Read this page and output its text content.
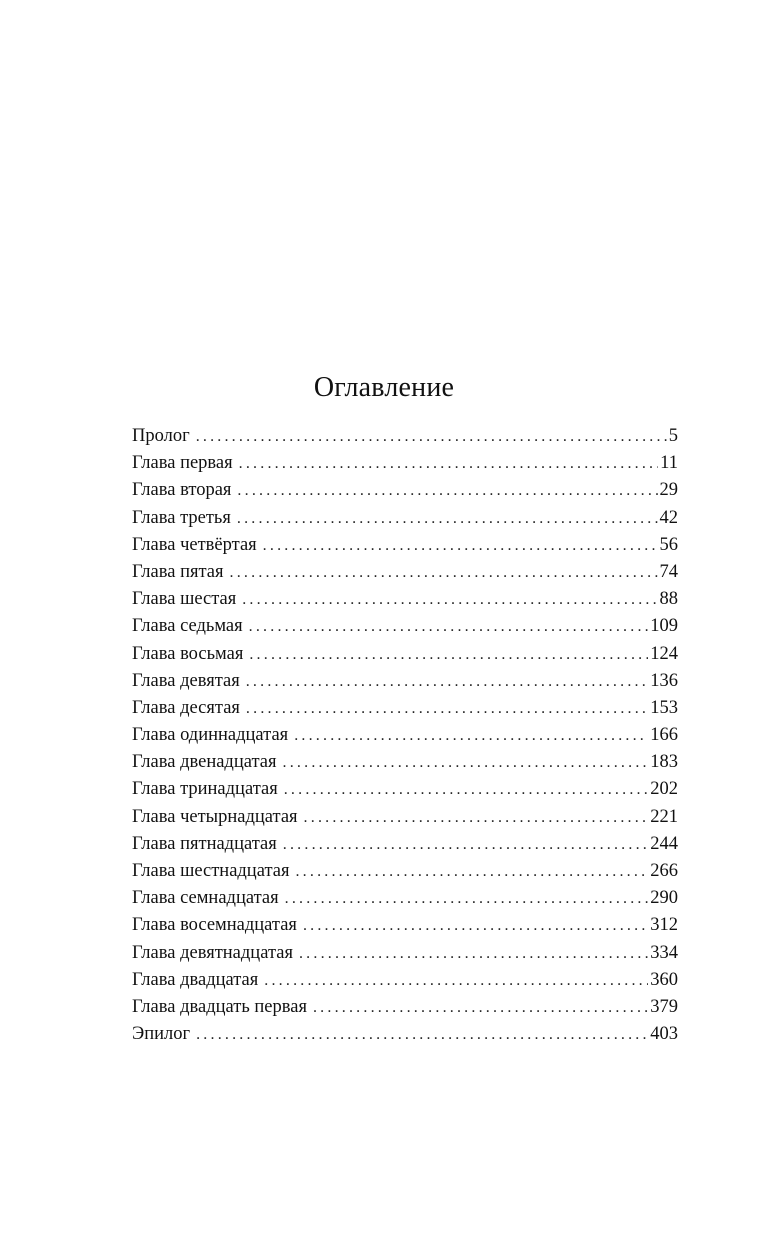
Оглавление
Пролог .....	5
Глава первая .....	11
Глава вторая .....	29
Глава третья .....	42
Глава четвёртая .....	56
Глава пятая .....	74
Глава шестая .....	88
Глава седьмая .....	109
Глава восьмая .....	124
Глава девятая .....	136
Глава десятая .....	153
Глава одиннадцатая .....	166
Глава двенадцатая .....	183
Глава тринадцатая .....	202
Глава четырнадцатая .....	221
Глава пятнадцатая .....	244
Глава шестнадцатая .....	266
Глава семнадцатая .....	290
Глава восемнадцатая .....	312
Глава девятнадцатая .....	334
Глава двадцатая .....	360
Глава двадцать первая .....	379
Эпилог .....	403
